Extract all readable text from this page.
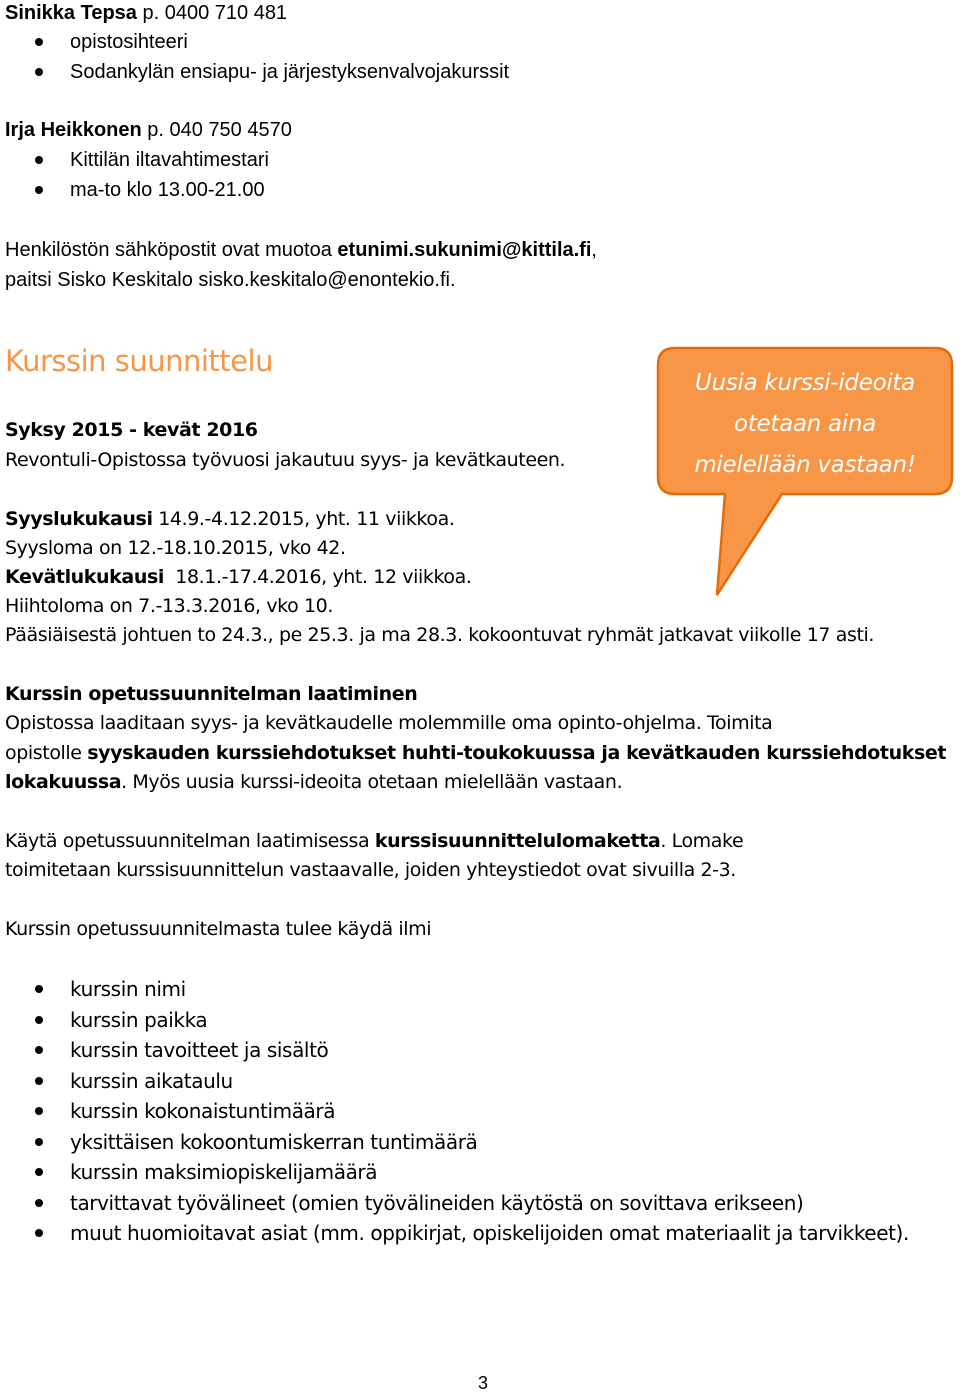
Sinikka Tepsa p. 0400 710 481
opistosihteeri
Sodankylän ensiapu- ja järjestyksenvalvojakurssit
Irja Heikkonen p. 040 750 4570
Kittilän iltavahtimestari
ma-to klo 13.00-21.00
Henkilöstön sähköpostit ovat muotoa etunimi.sukunimi@kittila.fi,
paitsi Sisko Keskitalo sisko.keskitalo@enontekio.fi.
Kurssin suunnittelu
Uusia kurssi-ideoita
otetaan aina
mielellään vastaan!
Syksy 2015 - kevät 2016
Revontuli-Opistossa työvuosi jakautuu syys- ja kevätkauteen.
Syyslukukausi 14.9.-4.12.2015, yht. 11 viikkoa.
Syysloma on 12.-18.10.2015, vko 42.
Kevätlukukausi  18.1.-17.4.2016, yht. 12 viikkoa.
Hiihtoloma on 7.-13.3.2016, vko 10.
Pääsiäisestä johtuen to 24.3., pe 25.3. ja ma 28.3. kokoontuvat ryhmät jatkavat viikolle 17 asti.
Kurssin opetussuunnitelman laatiminen
Opistossa laaditaan syys- ja kevätkaudelle molemmille oma opinto-ohjelma. Toimita
opistolle syyskauden kurssiehdotukset huhti-toukokuussa ja kevätkauden kurssiehdotukset
lokakuussa. Myös uusia kurssi-ideoita otetaan mielellään vastaan.
Käytä opetussuunnitelman laatimisessa kurssisuunnittelulomaketta. Lomake
toimitetaan kurssisuunnittelun vastaavalle, joiden yhteystiedot ovat sivuilla 2-3.
Kurssin opetussuunnitelmasta tulee käydä ilmi
kurssin nimi
kurssin paikka
kurssin tavoitteet ja sisältö
kurssin aikataulu
kurssin kokonaistuntimäärä
yksittäisen kokoontumiskerran tuntimäärä
kurssin maksimiopiskelijamäärä
tarvittavat työvälineet (omien työvälineiden käytöstä on sovittava erikseen)
muut huomioitavat asiat (mm. oppikirjat, opiskelijoiden omat materiaalit ja tarvikkeet).
3
